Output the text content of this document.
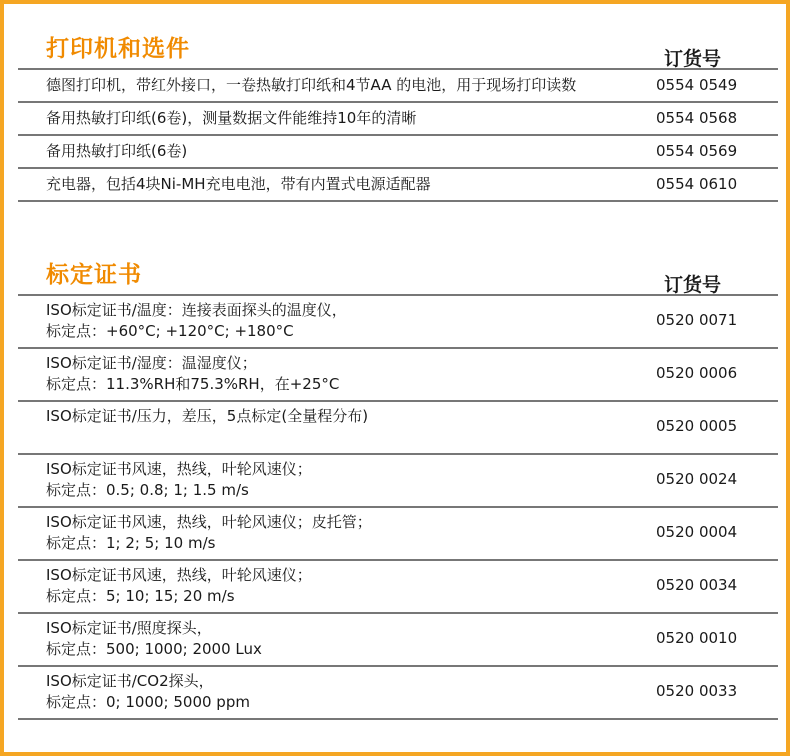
打印机和选件	订货号
德图打印机，带红外接口，一卷热敏打印纸和4节AA 的电池，用于现场打印读数	0554 0549
备用热敏打印纸(6卷)，测量数据文件能维持10年的清晰	0554 0568
备用热敏打印纸(6卷)	0554 0569
充电器，包括4块Ni-MH充电电池，带有内置式电源适配器	0554 0610
标定证书	订货号
ISO标定证书/温度：连接表面探头的温度仪，
标定点：+60°C; +120°C; +180°C
0520 0071
ISO标定证书/湿度：温湿度仪；
标定点：11.3%RH和75.3%RH，在+25°C
0520 0006
ISO标定证书/压力，差压，5点标定(全量程分布)
0520 0005
ISO标定证书风速，热线，叶轮风速仪；
标定点：0.5; 0.8; 1; 1.5 m/s
0520 0024
ISO标定证书风速，热线，叶轮风速仪；皮托管；
标定点：1; 2; 5; 10 m/s
0520 0004
ISO标定证书风速，热线，叶轮风速仪；
标定点：5; 10; 15; 20 m/s
0520 0034
ISO标定证书/照度探头，
标定点：500; 1000; 2000 Lux
0520 0010
ISO标定证书/CO2探头，
标定点：0; 1000; 5000 ppm
0520 0033
